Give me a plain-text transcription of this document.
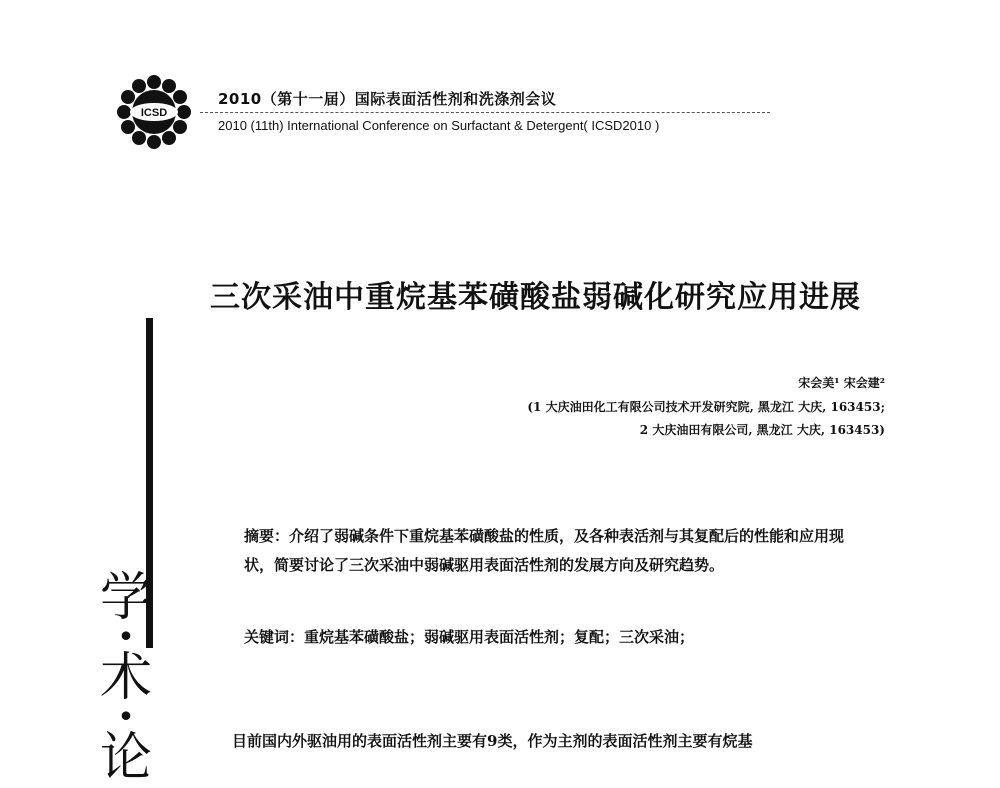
ICSD
2010（第十一届）国际表面活性剂和洗涤剂会议
2010 (11th) International Conference on Surfactant & Detergent( ICSD2010 )
三次采油中重烷基苯磺酸盐弱碱化研究应用进展
宋会美¹ 宋会建²
(1 大庆油田化工有限公司技术开发研究院, 黑龙江 大庆, 163453;
2 大庆油田有限公司, 黑龙江 大庆, 163453)
摘要：介绍了弱碱条件下重烷基苯磺酸盐的性质，及各种表活剂与其复配后的性能和应用现状，简要讨论了三次采油中弱碱驱用表面活性剂的发展方向及研究趋势。
关键词：重烷基苯磺酸盐；弱碱驱用表面活性剂；复配；三次采油；
目前国内外驱油用的表面活性剂主要有9类，作为主剂的表面活性剂主要有烷基
学
•
术
•
论
